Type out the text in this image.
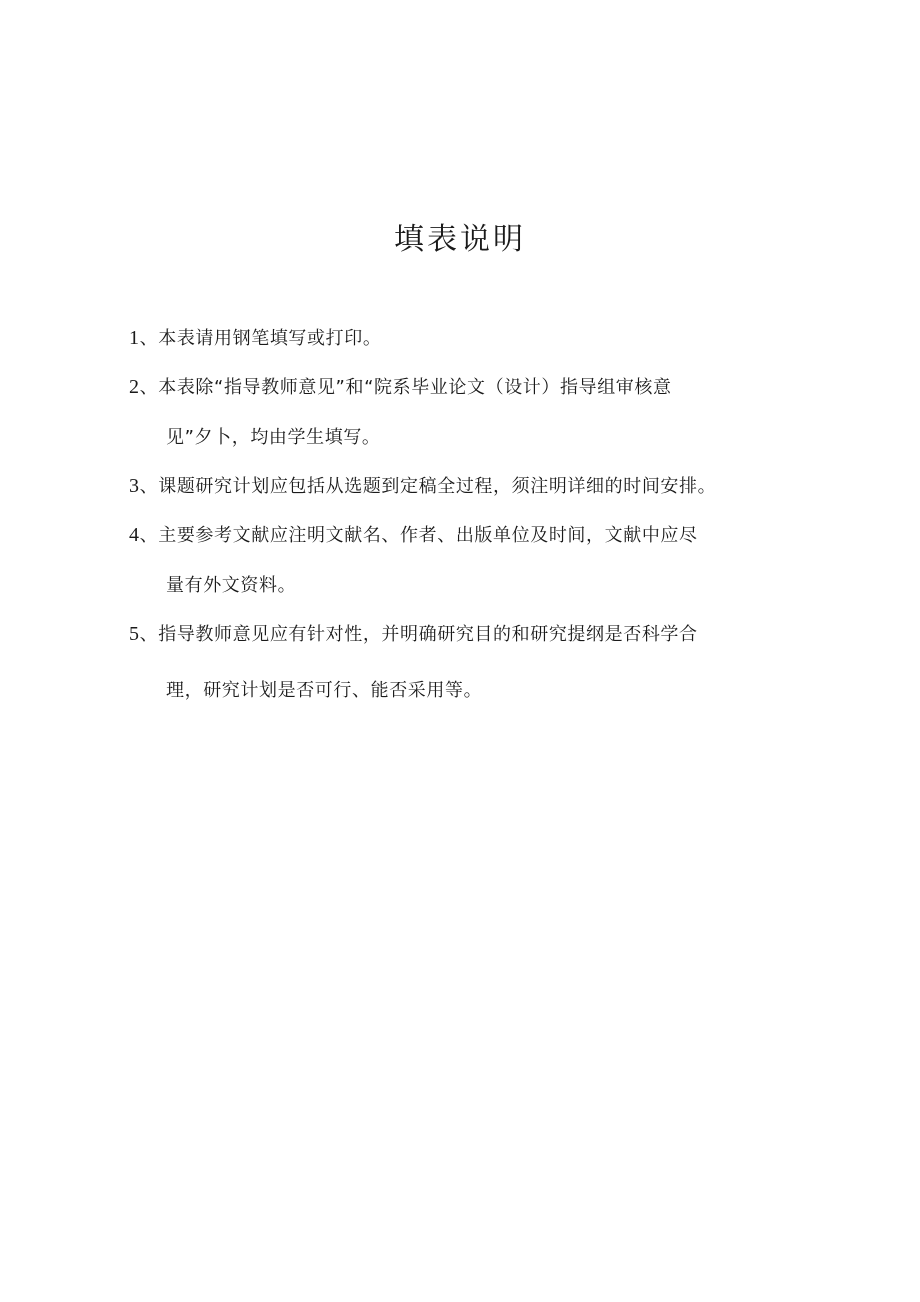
填表说明
1、本表请用钢笔填写或打印。
2、本表除“指导教师意见”和“院系毕业论文（设计）指导组审核意
见”夕卜，均由学生填写。
3、课题研究计划应包括从选题到定稿全过程，须注明详细的时间安排。
4、主要参考文献应注明文献名、作者、出版单位及时间，文献中应尽
量有外文资料。
5、指导教师意见应有针对性，并明确研究目的和研究提纲是否科学合
理，研究计划是否可行、能否采用等。
